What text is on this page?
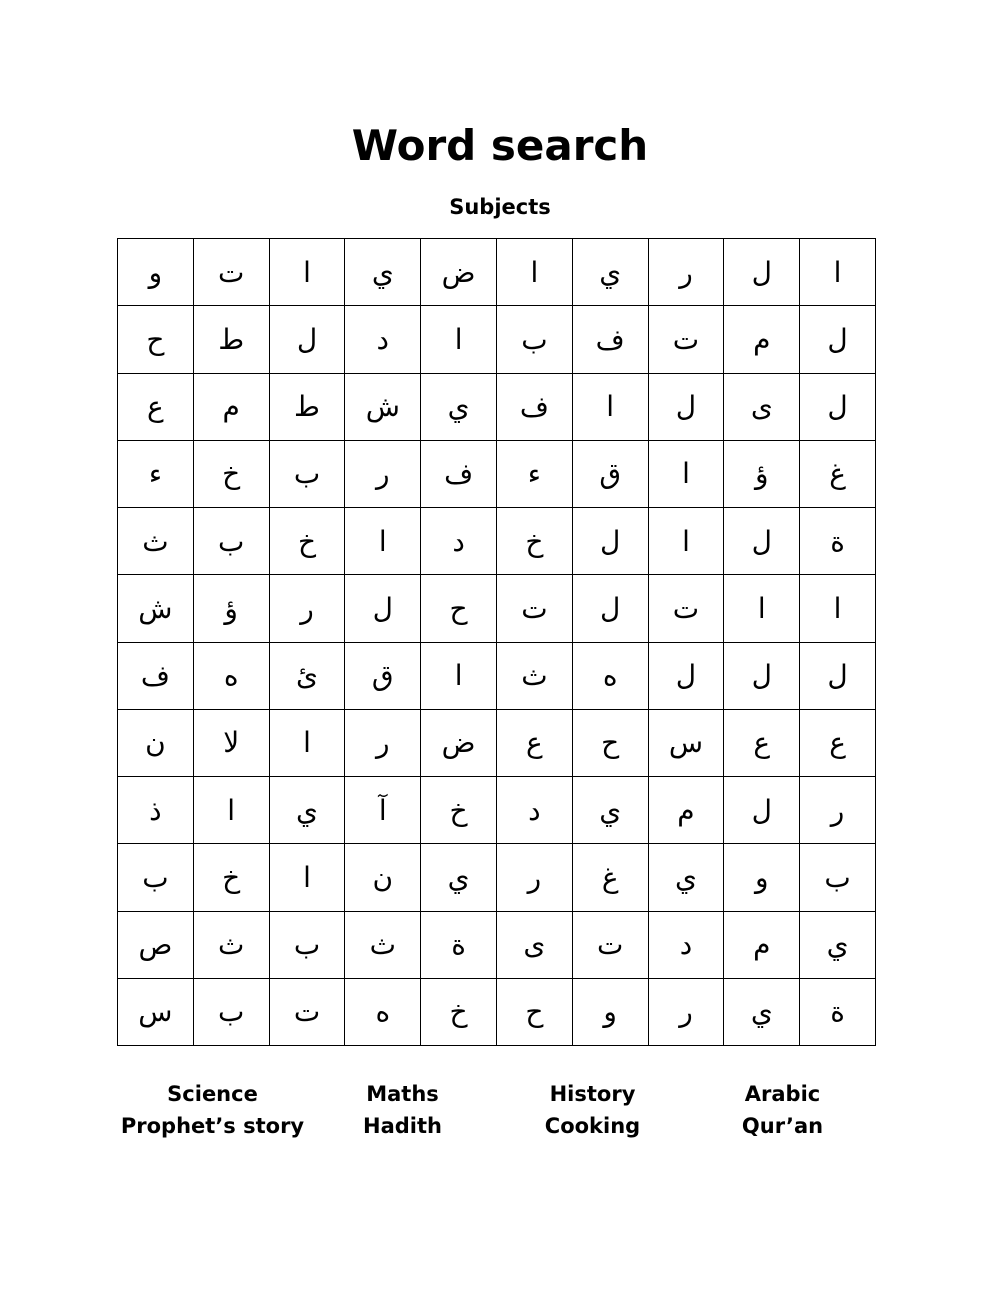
Word search
Subjects
و	ت	ا	ي	ض	ا	ي	ر	ل	ا
ح	ط	ل	د	ا	ب	ف	ت	م	ل
ع	م	ط	ش	ي	ف	ا	ل	ى	ل
ء	خ	ب	ر	ف	ء	ق	ا	ؤ	غ
ث	ب	خ	ا	د	خ	ل	ا	ل	ة
ش	ؤ	ر	ل	ح	ت	ل	ت	ا	ا
ف	ه	ئ	ق	ا	ث	ه	ل	ل	ل
ن	لا	ا	ر	ض	ع	ح	س	ع	ع
ذ	ا	ي	آ	خ	د	ي	م	ل	ر
ب	خ	ا	ن	ي	ر	غ	ي	و	ب
ص	ث	ب	ث	ة	ى	ت	د	م	ي
س	ب	ت	ه	خ	ح	و	ر	ي	ة
Science	Maths	History	Arabic
Prophet’s story	Hadith	Cooking	Qur’an
